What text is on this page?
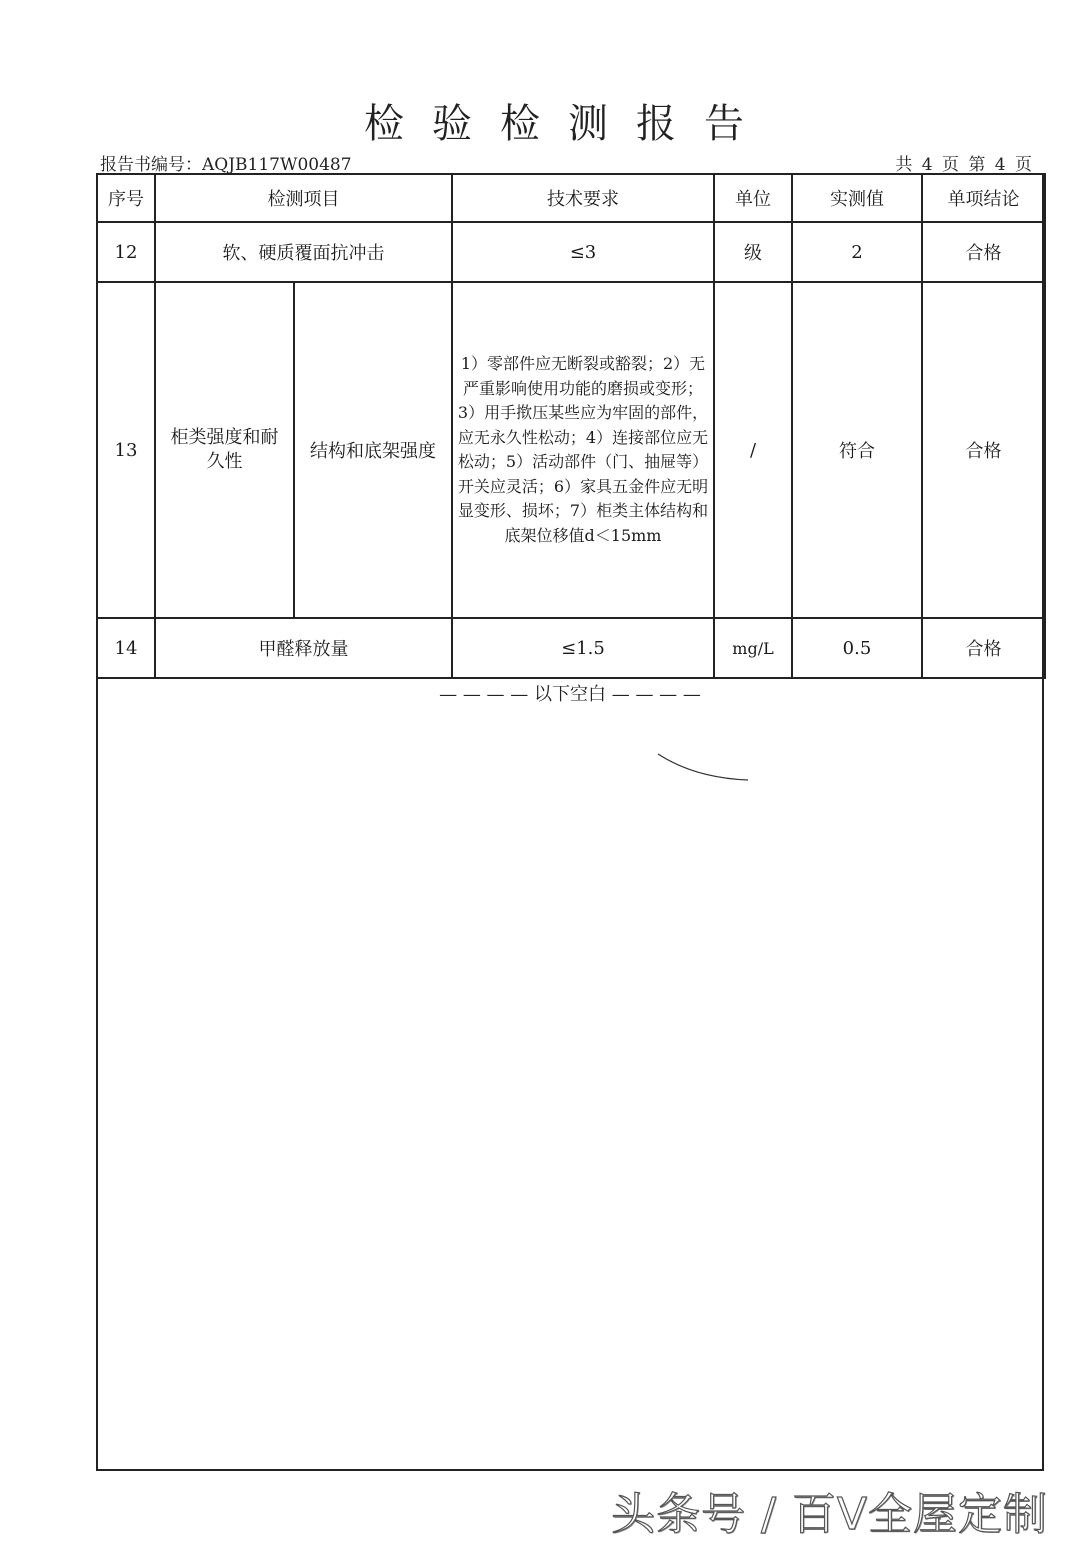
检验检测报告
报告书编号：AQJB117W00487	共 4 页 第 4 页
序号	检测项目		技术要求	单位	实测值	单项结论
12	软、硬质覆面抗冲击		≤3	级	2	合格
13	柜类强度和耐久性	结构和底架强度	1）零部件应无断裂或豁裂；2）无严重影响使用功能的磨损或变形；3）用手揿压某些应为牢固的部件，应无永久性松动；4）连接部位应无松动；5）活动部件（门、抽屉等）开关应灵活；6）家具五金件应无明显变形、损坏；7）柜类主体结构和底架位移值d＜15mm	/	符合	合格
14	甲醛释放量		≤1.5	mg/L	0.5	合格
— — — — 以下空白 — — — —
头条号 / 百V全屋定制
